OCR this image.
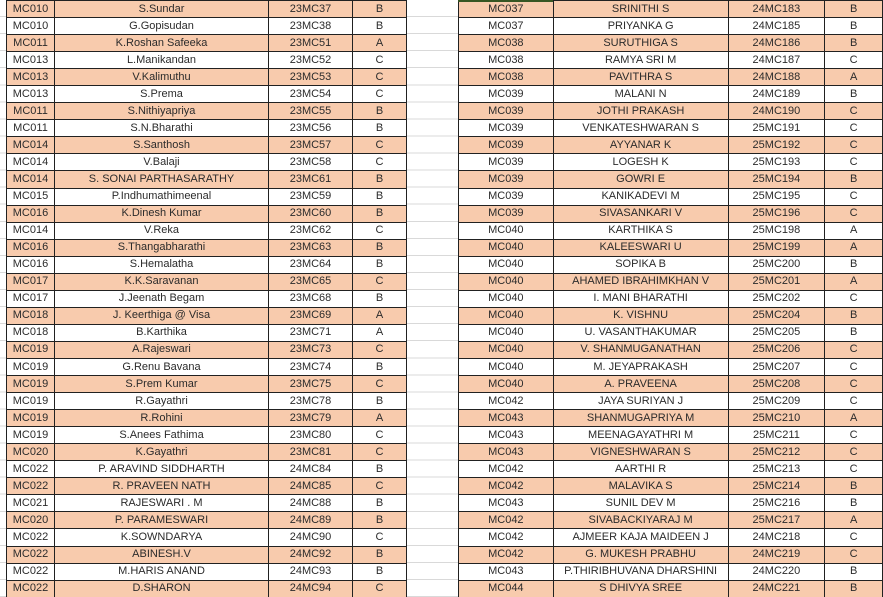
MC010	S.Sundar	23MC37	B
MC010	G.Gopisudan	23MC38	B
MC011	K.Roshan Safeeka	23MC51	A
MC013	L.Manikandan	23MC52	C
MC013	V.Kalimuthu	23MC53	C
MC013	S.Prema	23MC54	C
MC011	S.Nithiyapriya	23MC55	B
MC011	S.N.Bharathi	23MC56	B
MC014	S.Santhosh	23MC57	C
MC014	V.Balaji	23MC58	C
MC014	S. SONAI PARTHASARATHY	23MC61	B
MC015	P.Indhumathimeenal	23MC59	B
MC016	K.Dinesh Kumar	23MC60	B
MC014	V.Reka	23MC62	C
MC016	S.Thangabharathi	23MC63	B
MC016	S.Hemalatha	23MC64	B
MC017	K.K.Saravanan	23MC65	C
MC017	J.Jeenath Begam	23MC68	B
MC018	J. Keerthiga @ Visa	23MC69	A
MC018	B.Karthika	23MC71	A
MC019	A.Rajeswari	23MC73	C
MC019	G.Renu Bavana	23MC74	B
MC019	S.Prem Kumar	23MC75	C
MC019	R.Gayathri	23MC78	B
MC019	R.Rohini	23MC79	A
MC019	S.Anees Fathima	23MC80	C
MC020	K.Gayathri	23MC81	C
MC022	P. ARAVIND SIDDHARTH	24MC84	B
MC022	R. PRAVEEN NATH	24MC85	C
MC021	RAJESWARI . M	24MC88	B
MC020	P. PARAMESWARI	24MC89	B
MC022	K.SOWNDARYA	24MC90	C
MC022	ABINESH.V	24MC92	B
MC022	M.HARIS ANAND	24MC93	B
MC022	D.SHARON	24MC94	C
MC037	SRINITHI S	24MC183	B
MC037	PRIYANKA G	24MC185	B
MC038	SURUTHIGA S	24MC186	B
MC038	RAMYA SRI M	24MC187	C
MC038	PAVITHRA S	24MC188	A
MC039	MALANI N	24MC189	B
MC039	JOTHI PRAKASH	24MC190	C
MC039	VENKATESHWARAN S	25MC191	C
MC039	AYYANAR K	25MC192	C
MC039	LOGESH K	25MC193	C
MC039	GOWRI E	25MC194	B
MC039	KANIKADEVI M	25MC195	C
MC039	SIVASANKARI V	25MC196	C
MC040	KARTHIKA S	25MC198	A
MC040	KALEESWARI U	25MC199	A
MC040	SOPIKA B	25MC200	B
MC040	AHAMED IBRAHIMKHAN V	25MC201	A
MC040	I. MANI BHARATHI	25MC202	C
MC040	K. VISHNU	25MC204	B
MC040	U. VASANTHAKUMAR	25MC205	B
MC040	V. SHANMUGANATHAN	25MC206	C
MC040	M. JEYAPRAKASH	25MC207	C
MC040	A. PRAVEENA	25MC208	C
MC042	JAYA SURIYAN J	25MC209	C
MC043	SHANMUGAPRIYA M	25MC210	A
MC043	MEENAGAYATHRI M	25MC211	C
MC043	VIGNESHWARAN S	25MC212	C
MC042	AARTHI R	25MC213	C
MC042	MALAVIKA S	25MC214	B
MC043	SUNIL DEV M	25MC216	B
MC042	SIVABACKIYARAJ M	25MC217	A
MC042	AJMEER KAJA MAIDEEN J	24MC218	C
MC042	G. MUKESH PRABHU	24MC219	C
MC043	P.THIRIBHUVANA DHARSHINI	24MC220	B
MC044	S DHIVYA SREE	24MC221	B
